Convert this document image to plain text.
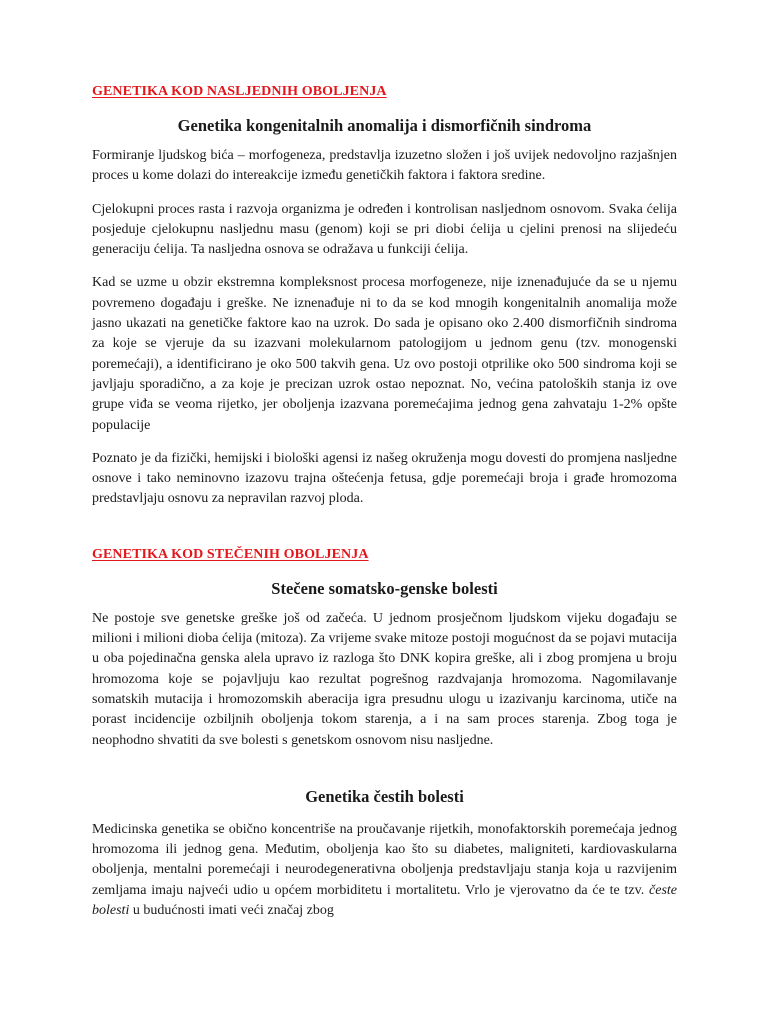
GENETIKA KOD NASLJEDNIH OBOLJENJA
Genetika kongenitalnih anomalija i dismorfičnih sindroma

Formiranje ljudskog bića – morfogeneza, predstavlja izuzetno složen i još uvijek nedovoljno razjašnjen proces u kome dolazi do intereakcije između genetičkih faktora i faktora sredine.

Cjelokupni proces rasta i razvoja organizma je određen i kontrolisan nasljednom osnovom. Svaka ćelija posjeduje cjelokupnu nasljednu masu (genom) koji se pri diobi ćelija u cjelini prenosi na slijedeću generaciju ćelija. Ta nasljedna osnova se odražava u funkciji ćelija.

Kad se uzme u obzir ekstremna kompleksnost procesa morfogeneze, nije iznenađujuće da se u njemu povremeno događaju i greške. Ne iznenađuje ni to da se kod mnogih kongenitalnih anomalija može jasno ukazati na genetičke faktore kao na uzrok. Do sada je opisano oko 2.400 dismorfičnih sindroma za koje se vjeruje da su izazvani molekularnom patologijom u jednom genu (tzv. monogenski poremećaji), a identificirano je oko 500 takvih gena. Uz ovo postoji otprilike oko 500 sindroma koji se javljaju sporadično, a za koje je precizan uzrok ostao nepoznat. No, većina patoloških stanja iz ove grupe viđa se veoma rijetko, jer oboljenja izazvana poremećajima jednog gena zahvataju 1-2% opšte populacije

Poznato je da fizički, hemijski i biološki agensi iz našeg okruženja mogu dovesti do promjena nasljedne osnove i tako neminovno izazovu trajna oštećenja fetusa, gdje poremećaji broja i građe hromozoma predstavljaju osnovu za nepravilan razvoj ploda.

GENETIKA KOD STEČENIH OBOLJENJA
Stečene somatsko-genske bolesti

Ne postoje sve genetske greške još od začeća. U jednom prosječnom ljudskom vijeku događaju se milioni i milioni dioba ćelija (mitoza). Za vrijeme svake mitoze postoji mogućnost da se pojavi mutacija u oba pojedinačna genska alela upravo iz razloga što DNK kopira greške, ali i zbog promjena u broju hromozoma koje se pojavljuju kao rezultat pogrešnog razdvajanja hromozoma. Nagomilavanje somatskih mutacija i hromozomskih aberacija igra presudnu ulogu u izazivanju karcinoma, utiče na porast incidencije ozbiljnih oboljenja tokom starenja, a i na sam proces starenja. Zbog toga je neophodno shvatiti da sve bolesti s genetskom osnovom nisu nasljedne.

Genetika čestih bolesti

Medicinska genetika se obično koncentriše na proučavanje rijetkih, monofaktorskih poremećaja jednog hromozoma ili jednog gena. Međutim, oboljenja kao što su diabetes, maligniteti, kardiovaskularna oboljenja, mentalni poremećaji i neurodegenerativna oboljenja predstavljaju stanja koja u razvijenim zemljama imaju najveći udio u općem morbiditetu i mortalitetu. Vrlo je vjerovatno da će te tzv. česte bolesti u budućnosti imati veći značaj zbog
